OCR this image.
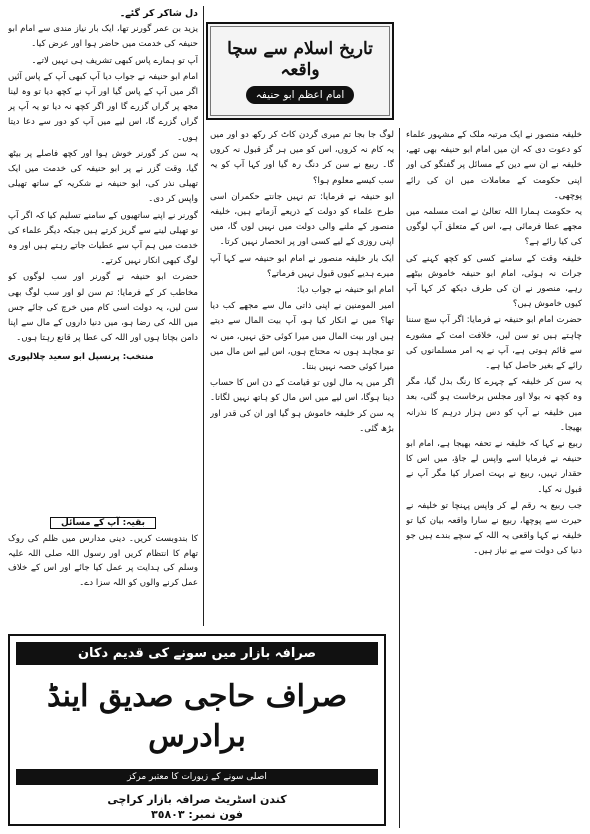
دل شاکر کر گئے۔

یزید بن عمر گورنر تھا، ایک بار نیاز مندی سے امام ابو حنیفہ کی خدمت میں حاضر ہوا اور عرض کیا۔

آپ تو ہمارے پاس کبھی تشریف ہی نہیں لاتے۔

امام ابو حنیفہ نے جواب دیا آپ کبھی آپ کے پاس آئیں اگر میں آپ کے پاس گیا اور آپ نے کچھ دیا تو وہ لینا مجھ پر گراں گزرے گا اور اگر کچھ نہ دیا تو یہ آپ پر گراں گزرے گا، اس لیے میں آپ کو دور سے دعا دیتا ہوں۔

یہ سن کر گورنر خوش ہوا اور کچھ فاصلے پر بیٹھ گیا، وقت گزر نے پر ابو حنیفہ کی خدمت میں ایک تھیلی نذر کی، ابو حنیفہ نے شکریہ کے ساتھ تھیلی واپس کر دی۔

گورنر نے اپنے ساتھیوں کے سامنے تسلیم کیا کہ اگر آپ تو تھیلی لینے سے گریز کرتے ہیں جبکہ دیگر علماء کی خدمت میں ہم آپ سے عطیات جاتے رہتے ہیں اور وہ لوگ کبھی انکار نہیں کرتے۔

حضرت ابو حنیفہ نے گورنر اور سب لوگوں کو مخاطب کر کے فرمایا: تم سن لو اور سب لوگ بھی سن لیں، یہ دولت اسی کام میں خرچ کی جائے جس میں اللہ کی رضا ہو، میں دنیا داروں کے مال سے اپنا دامن بچاتا ہوں اور اللہ کی عطا پر قانع رہتا ہوں۔

منتخب: پرنسپل ابو سعید چلالپوری

بقیہ: آپ کے مسائل

کا بندوبست کریں۔ دینی مدارس میں ظلم کی روک تھام کا انتظام کریں اور رسول اللہ صلی اللہ علیہ وسلم کی ہدایت پر عمل کیا جائے اور اس کے خلاف عمل کرنے والوں کو اللہ سزا دے۔

تاریخ اسلام سے سچا واقعہ
امام اعظم ابو حنیفہ

لوگ جا بجا تم میری گردن کاٹ کر رکھ دو اور میں یہ کام نہ کروں، اس کو میں ہر گز قبول نہ کروں گا۔ ربیع نے سن کر دنگ رہ گیا اور کہا آپ کو یہ سب کیسے معلوم ہوا؟

ابو حنیفہ نے فرمایا: تم نہیں جانتے حکمران اسی طرح علماء کو دولت کے ذریعے آزماتے ہیں، خلیفہ منصور کے ملنے والی دولت میں نہیں لوں گا، میں اپنی روزی کے لیے کسی اور پر انحصار نہیں کرتا۔

ایک بار خلیفہ منصور نے امام ابو حنیفہ سے کہا آپ میرے ہدیے کیوں قبول نہیں فرماتے؟

امام ابو حنیفہ نے جواب دیا:

امیر المومنین نے اپنی ذاتی مال سے مجھے کب دیا تھا؟ میں نے انکار کیا ہو، آپ بیت المال سے دیتے ہیں اور بیت المال میں میرا کوئی حق نہیں، میں نہ تو مجاہد ہوں نہ محتاج ہوں، اس لیے اس مال میں میرا کوئی حصہ نہیں بنتا۔

اگر میں یہ مال لوں تو قیامت کے دن اس کا حساب دینا ہوگا، اس لیے میں اس مال کو ہاتھ نہیں لگاتا۔ یہ سن کر خلیفہ خاموش ہو گیا اور ان کی قدر اور بڑھ گئی۔

خلیفہ منصور نے ایک مرتبہ ملک کے مشہور علماء کو دعوت دی کہ ان میں امام ابو حنیفہ بھی تھے، خلیفہ نے ان سے دین کے مسائل پر گفتگو کی اور اپنی حکومت کے معاملات میں ان کی رائے پوچھی۔

یہ حکومت ہمارا اللہ تعالیٰ نے امت مسلمہ میں مجھے عطا فرمائی ہے، اس کے متعلق آپ لوگوں کی کیا رائے ہے؟

خلیفہ وقت کے سامنے کسی کو کچھ کہنے کی جرات نہ ہوئی، امام ابو حنیفہ خاموش بیٹھے رہے، منصور نے ان کی طرف دیکھ کر کہا آپ کیوں خاموش ہیں؟

حضرت امام ابو حنیفہ نے فرمایا: اگر آپ سچ سننا چاہتے ہیں تو سن لیں، خلافت امت کے مشورے سے قائم ہوتی ہے، آپ نے یہ امر مسلمانوں کی رائے کے بغیر حاصل کیا ہے۔

یہ سن کر خلیفہ کے چہرے کا رنگ بدل گیا، مگر وہ کچھ نہ بولا اور مجلس برخاست ہو گئی، بعد میں خلیفہ نے آپ کو دس ہزار درہم کا نذرانہ بھیجا۔

ربیع نے کہا کہ خلیفہ نے تحفہ بھیجا ہے، امام ابو حنیفہ نے فرمایا اسے واپس لے جاؤ، میں اس کا حقدار نہیں، ربیع نے بہت اصرار کیا مگر آپ نے قبول نہ کیا۔

جب ربیع یہ رقم لے کر واپس پہنچا تو خلیفہ نے حیرت سے پوچھا، ربیع نے سارا واقعہ بیان کیا تو خلیفہ نے کہا واقعی یہ اللہ کے سچے بندے ہیں جو دنیا کی دولت سے بے نیاز ہیں۔

صرافہ بازار میں سونے کی قدیم دکان
صراف حاجی صدیق اینڈ برادرس
اصلی سونے کے زیورات کا معتبر مرکز
کندن اسٹریٹ صرافہ بازار کراچی
فون نمبر: ٣٥٨٠٣
